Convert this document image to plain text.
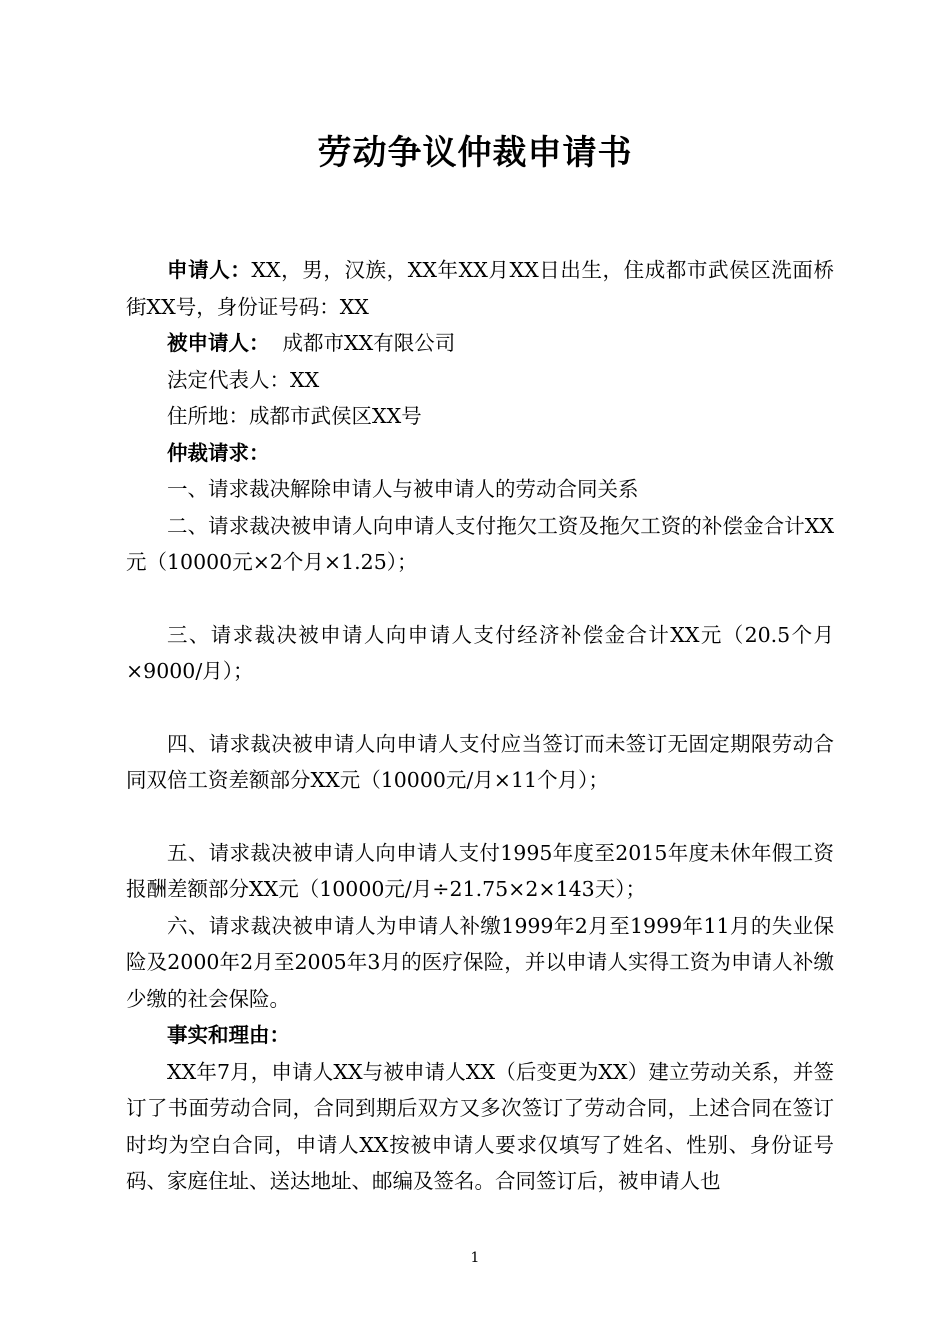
劳动争议仲裁申请书

申请人：XX，男，汉族，XX年XX月XX日出生，住成都市武侯区洗面桥街XX号，身份证号码：XX

被申请人：  成都市XX有限公司

法定代表人：XX

住所地：成都市武侯区XX号

仲裁请求：

一、请求裁决解除申请人与被申请人的劳动合同关系

二、请求裁决被申请人向申请人支付拖欠工资及拖欠工资的补偿金合计XX元（10000元×2个月×1.25）；

三、请求裁决被申请人向申请人支付经济补偿金合计XX元（20.5个月×9000/月）；

四、请求裁决被申请人向申请人支付应当签订而未签订无固定期限劳动合同双倍工资差额部分XX元（10000元/月×11个月）；

五、请求裁决被申请人向申请人支付1995年度至2015年度未休年假工资报酬差额部分XX元（10000元/月÷21.75×2×143天）；

六、请求裁决被申请人为申请人补缴1999年2月至1999年11月的失业保险及2000年2月至2005年3月的医疗保险，并以申请人实得工资为申请人补缴少缴的社会保险。

事实和理由：

XX年7月，申请人XX与被申请人XX（后变更为XX）建立劳动关系，并签订了书面劳动合同，合同到期后双方又多次签订了劳动合同，上述合同在签订时均为空白合同，申请人XX按被申请人要求仅填写了姓名、性别、身份证号码、家庭住址、送达地址、邮编及签名。合同签订后，被申请人也

1
